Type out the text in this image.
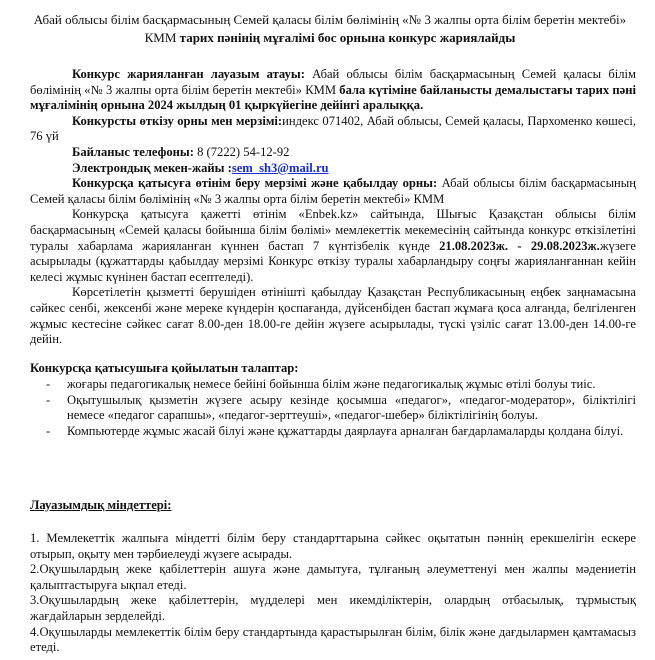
Абай облысы білім басқармасының Семей қаласы білім бөлімінің «№ 3 жалпы орта білім беретін мектебі» КММ тарих пәнінің мұғалімі бос орнына конкурс жариялайды

Конкурс жарияланған лауазым атауы: Абай облысы білім басқармасының Семей қаласы білім бөлімінің «№ 3 жалпы орта білім беретін мектебі» КММ бала күтіміне байланысты демалыстағы тарих пәні мұғалімінің орнына 2024 жылдың 01 қыркүйегіне дейінгі аралыққа.

Конкурсты өткізу орны мен мерзімі:индекс 071402, Абай облысы, Семей қаласы, Пархоменко көшесі, 76 үй

Байланыс телефоны: 8 (7222) 54-12-92

Электрондық мекен-жайы :sem_sh3@mail.ru

Конкурсқа қатысуға өтінім беру мерзімі және қабылдау орны: Абай облысы білім басқармасының Семей қаласы білім бөлімінің «№ 3 жалпы орта білім беретін мектебі» КММ

Конкурсқа қатысуға қажетті өтінім «Enbek.kz» сайтында, Шығыс Қазақстан облысы білім басқармасының «Семей қаласы бойынша білім бөлімі» мемлекеттік мекемесінің сайтында конкурс өткізілетіні туралы хабарлама жарияланған күннен бастап 7 күнтізбелік күнде 21.08.2023ж. - 29.08.2023ж.жүзеге асырылады (құжаттарды қабылдау мерзімі Конкурс өткізу туралы хабарландыру соңғы жарияланғаннан кейін келесі жұмыс күнінен бастап есептеледі).

Көрсетілетін қызметті берушіден өтінішті қабылдау Қазақстан Республикасының еңбек заңнамасына сәйкес сенбі, жексенбі және мереке күндерін қоспағанда, дүйсенбіден бастап жұмаға қоса алғанда, белгіленген жұмыс кестесіне сәйкес сағат 8.00-ден 18.00-ге дейін жүзеге асырылады, түскі үзіліс сағат 13.00-ден 14.00-ге дейін.

Конкурсқа қатысушыға қойылатын талаптар:
- жоғары педагогикалық немесе бейіні бойынша білім және педагогикалық жұмыс өтілі болуы тиіс.
- Оқытушылық қызметін жүзеге асыру кезінде қосымша «педагог», «педагог-модератор», біліктілігі немесе «педагог сарапшы», «педагог-зерттеуші», «педагог-шебер» біліктілігінің болуы.
- Компьютерде жұмыс жасай білуі және құжаттарды даярлауға арналған бағдарламаларды қолдана білуі.
Лауазымдық міндеттері:

1. Мемлекеттік жалпыға міндетті білім беру стандарттарына сәйкес оқытатын пәннің ерекшелігін ескере отырып, оқыту мен тәрбиелеуді жүзеге асырады.

2.Оқушылардың жеке қабілеттерін ашуға және дамытуға, тұлғаның әлеуметтенуі мен жалпы мәдениетін қалыптастыруға ықпал етеді.

3.Оқушылардың жеке қабілеттерін, мүдделері мен икемділіктерін, олардың отбасылық, тұрмыстық жағдайларын зерделейді.

4.Оқушыларды мемлекеттік білім беру стандартында қарастырылған білім, білік және дағдылармен қамтамасыз етеді.
